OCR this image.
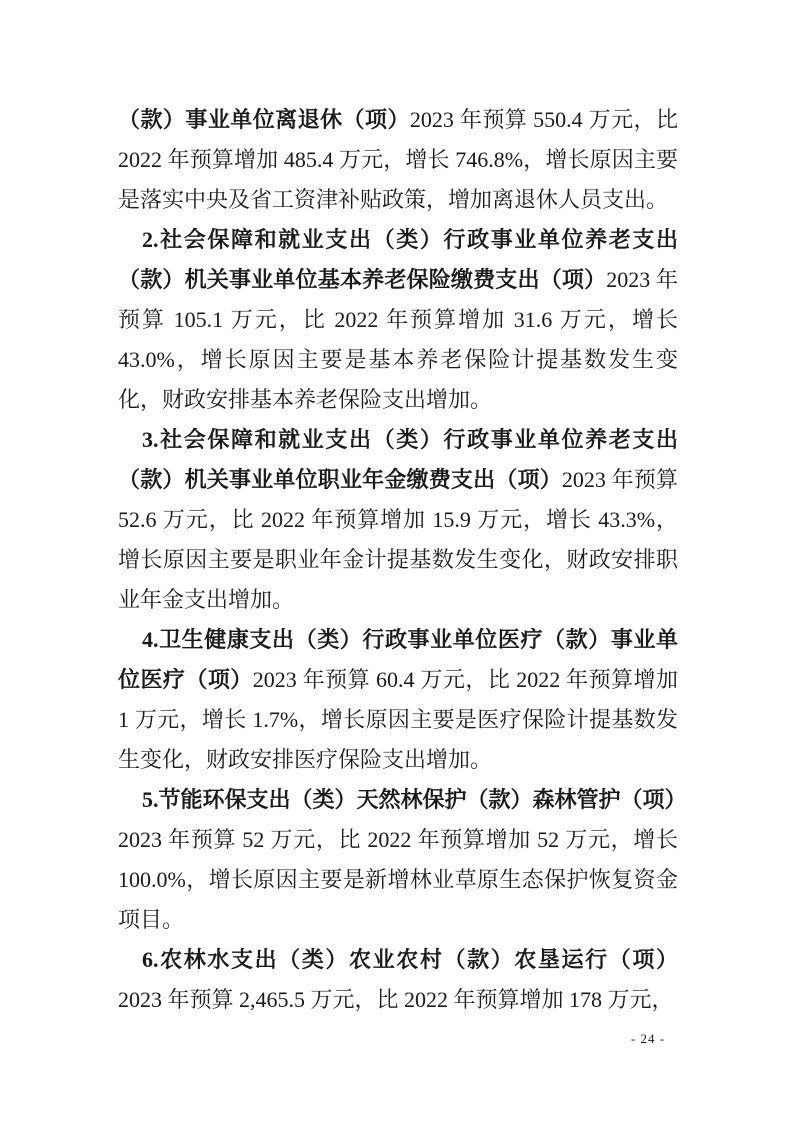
（款）事业单位离退休（项）2023 年预算 550.4 万元，比 2022 年预算增加 485.4 万元，增长 746.8%，增长原因主要是落实中央及省工资津补贴政策，增加离退休人员支出。

2.社会保障和就业支出（类）行政事业单位养老支出（款）机关事业单位基本养老保险缴费支出（项）2023 年预算 105.1 万元，比 2022 年预算增加 31.6 万元，增长 43.0%，增长原因主要是基本养老保险计提基数发生变化，财政安排基本养老保险支出增加。

3.社会保障和就业支出（类）行政事业单位养老支出（款）机关事业单位职业年金缴费支出（项）2023 年预算 52.6 万元，比 2022 年预算增加 15.9 万元，增长 43.3%，增长原因主要是职业年金计提基数发生变化，财政安排职业年金支出增加。

4.卫生健康支出（类）行政事业单位医疗（款）事业单位医疗（项）2023 年预算 60.4 万元，比 2022 年预算增加 1 万元，增长 1.7%，增长原因主要是医疗保险计提基数发生变化，财政安排医疗保险支出增加。

5.节能环保支出（类）天然林保护（款）森林管护（项）2023 年预算 52 万元，比 2022 年预算增加 52 万元，增长 100.0%，增长原因主要是新增林业草原生态保护恢复资金项目。

6.农林水支出（类）农业农村（款）农垦运行（项）2023 年预算 2,465.5 万元，比 2022 年预算增加 178 万元，

- 24 -
